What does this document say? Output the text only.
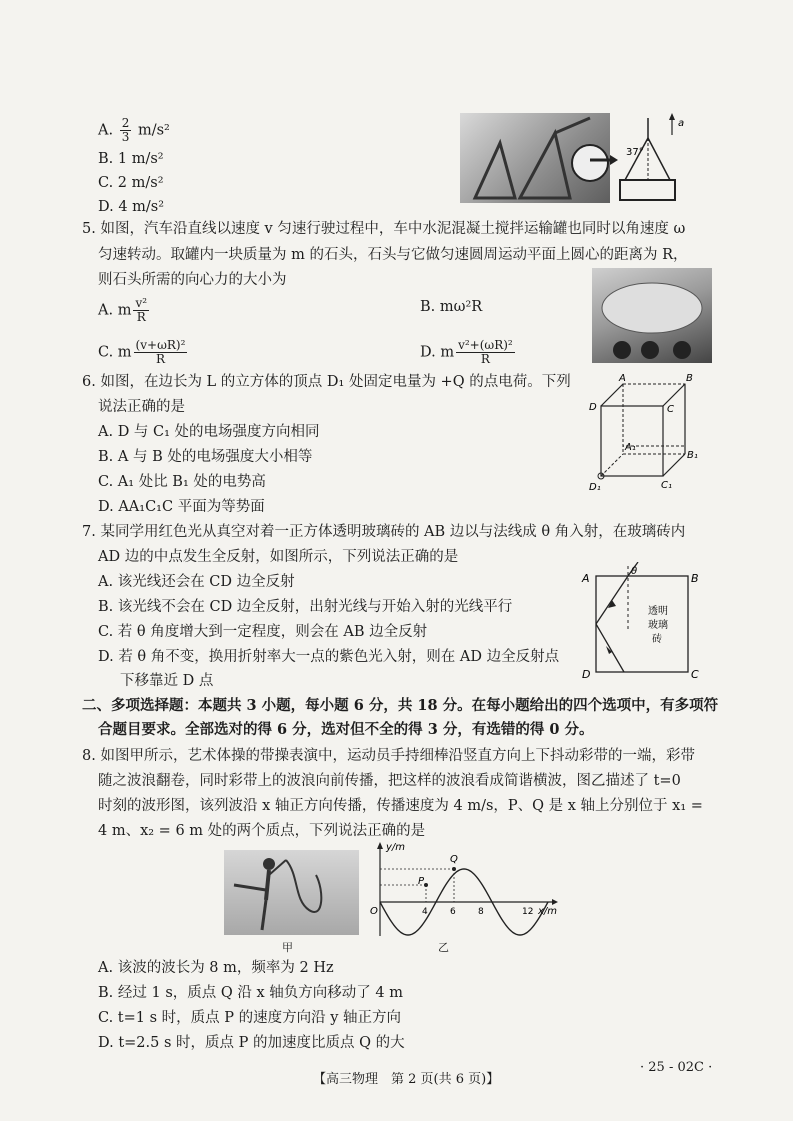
A. $\frac{2}{3} m/s^2$
B. 1 m/s²
C. 2 m/s²
D. 4 m/s²
a
37°
5. 如图，汽车沿直线以速度 v 匀速行驶过程中，车中水泥混凝土搅拌运输罐也同时以角速度 ω
匀速转动。取罐内一块质量为 m 的石头，石头与它做匀速圆周运动平面上圆心的距离为 R，
则石头所需的向心力的大小为
A. m $\frac{\text{v²}}{R}$	B. mω²R
C. m $\frac{\text{(v+ωR)²}}{R}$	D. m $\frac{\text{v²+(ωR)²}}{R}$
6. 如图，在边长为 L 的立方体的顶点 D₁ 处固定电量为 +Q 的点电荷。下列
说法正确的是
A. D 与 C₁ 处的电场强度方向相同
B. A 与 B 处的电场强度大小相等
C. A₁ 处比 B₁ 处的电势高
D. AA₁C₁C 平面为等势面
A	B
C
D
A₁
B₁
C₁
D₁
7. 某同学用红色光从真空对着一正方体透明玻璃砖的 AB 边以与法线成 θ 角入射，在玻璃砖内
AD 边的中点发生全反射，如图所示，下列说法正确的是
A. 该光线还会在 CD 边全反射
B. 该光线不会在 CD 边全反射，出射光线与开始入射的光线平行
C. 若 θ 角度增大到一定程度，则会在 AB 边全反射
D. 若 θ 角不变，换用折射率大一点的紫色光入射，则在 AD 边全反射点
下移靠近 D 点
A	B
C
D
θ
透明
玻璃
砖
二、多项选择题：本题共 3 小题，每小题 6 分，共 18 分。在每小题给出的四个选项中，有多项符
合题目要求。全部选对的得 6 分，选对但不全的得 3 分，有选错的得 0 分。
8. 如图甲所示，艺术体操的带操表演中，运动员手持细棒沿竖直方向上下抖动彩带的一端，彩带
随之波浪翻卷，同时彩带上的波浪向前传播，把这样的波浪看成简谐横波，图乙描述了 t=0
时刻的波形图，该列波沿 x 轴正方向传播，传播速度为 4 m/s，P、Q 是 x 轴上分别位于 x₁ =
4 m、x₂ = 6 m 处的两个质点，下列说法正确的是
甲
y/m
x/m
O	4 6 8	12
P
Q
乙
A. 该波的波长为 8 m，频率为 2 Hz
B. 经过 1 s，质点 Q 沿 x 轴负方向移动了 4 m
C. t=1 s 时，质点 P 的速度方向沿 y 轴正方向
D. t=2.5 s 时，质点 P 的加速度比质点 Q 的大
【高三物理　第 2 页(共 6 页)】
· 25 - 02C ·
